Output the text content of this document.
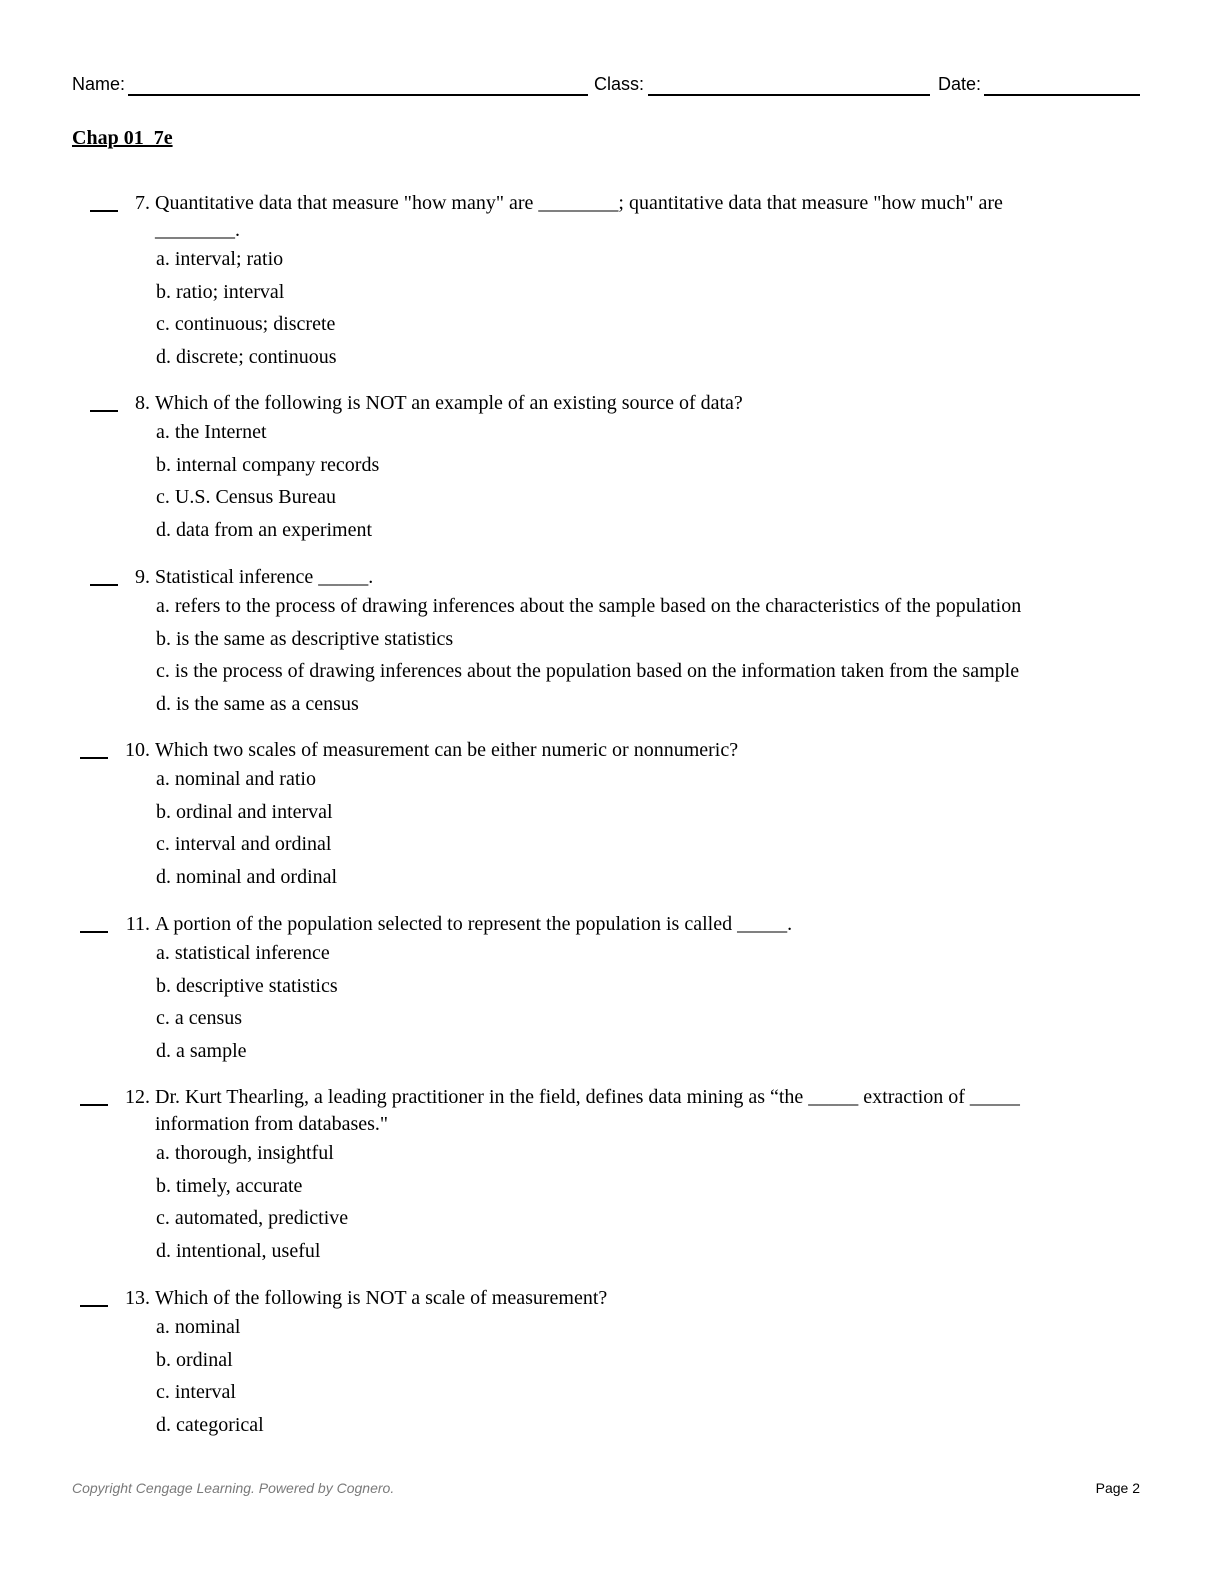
Name:	Class:	Date:
Chap 01_7e
7. Quantitative data that measure "how many" are ________; quantitative data that measure "how much" are
________.
a. interval; ratio
b. ratio; interval
c. continuous; discrete
d. discrete; continuous
8. Which of the following is NOT an example of an existing source of data?
a. the Internet
b. internal company records
c. U.S. Census Bureau
d. data from an experiment
9. Statistical inference _____.
a. refers to the process of drawing inferences about the sample based on the characteristics of the population
b. is the same as descriptive statistics
c. is the process of drawing inferences about the population based on the information taken from the sample
d. is the same as a census
10. Which two scales of measurement can be either numeric or nonnumeric?
a. nominal and ratio
b. ordinal and interval
c. interval and ordinal
d. nominal and ordinal
11. A portion of the population selected to represent the population is called _____.
a. statistical inference
b. descriptive statistics
c. a census
d. a sample
12. Dr. Kurt Thearling, a leading practitioner in the field, defines data mining as “the _____ extraction of _____
information from databases."
a. thorough, insightful
b. timely, accurate
c. automated, predictive
d. intentional, useful
13. Which of the following is NOT a scale of measurement?
a. nominal
b. ordinal
c. interval
d. categorical
Copyright Cengage Learning. Powered by Cognero.	Page 2
